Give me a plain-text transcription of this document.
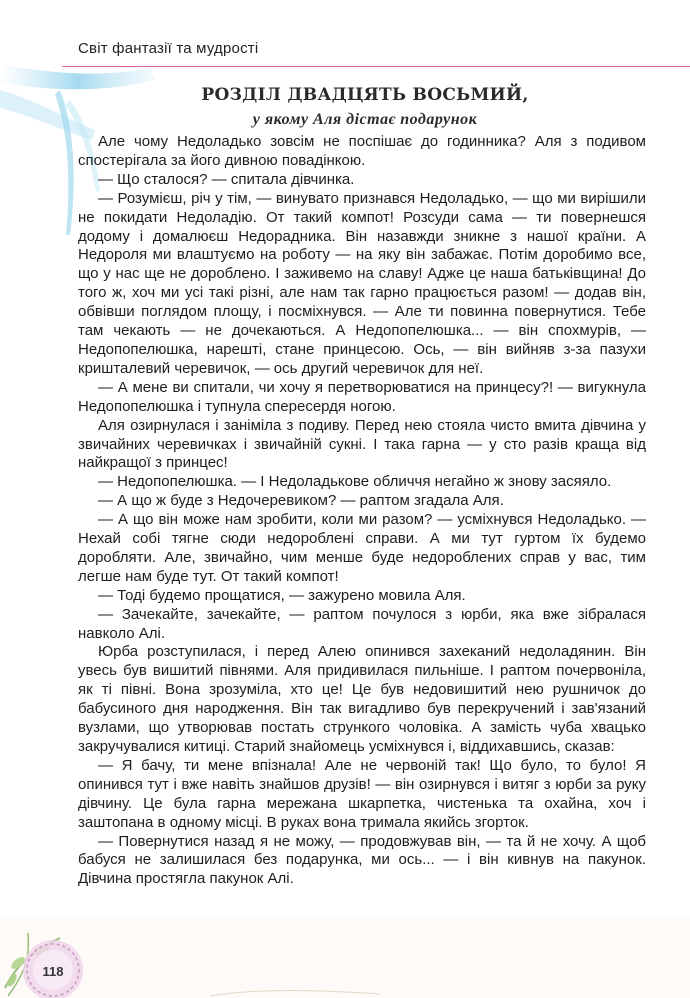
Світ фантазії та мудрості
РОЗДІЛ ДВАДЦЯТЬ ВОСЬМИЙ,
у якому Аля дістає подарунок

Але чому Недоладько зовсім не поспішає до годинника? Аля з подивом спостерігала за його дивною повадінкою.

— Що сталося? — спитала дівчинка.

— Розумієш, річ у тім, — винувато признався Недоладько, — що ми вирішили не покидати Недоладію. От такий компот! Розсуди сама — ти повернешся додому і домалюєш Недорадника. Він назавжди зникне з нашої країни. А Недороля ми влаштуємо на роботу — на яку він забажає. Потім доробимо все, що у нас ще не доробленo. І заживемо на славу! Адже це наша батьківщина! До того ж, хоч ми усі такі різні, але нам так гарно працюється разом! — додав він, обвівши поглядом площу, і посміхнувся. — Але ти повинна повернутися. Тебе там чекають — не дочекаються. А Недопопелюшка... — він спохмурів, — Недопопелюшка, нарешті, стане принцесою. Ось, — він вийняв з-за пазухи кришталевий черевичок, — ось другий черевичок для неї.

— А мене ви спитали, чи хочу я перетворюватися на принцесу?! — вигукнула Недопопелюшка і тупнула спересердя ногою.

Аля озирнулася і заніміла з подиву. Перед нею стояла чисто вмита дівчина у звичайних черевичках і звичайній сукні. І така гарна — у сто разів краща від найкращої з принцес!

— Недопопелюшка. — І Недоладькове обличчя негайно ж знову засяяло.

— А що ж буде з Недочеревиком? — раптом згадала Аля.

— А що він може нам зробити, коли ми разом? — усміхнувся Недоладько. — Нехай собі тягне сюди недороблені справи. А ми тут гуртом їх будемо доробляти. Але, звичайно, чим менше буде недороблених справ у вас, тим легше нам буде тут. От такий компот!

— Тоді будемо прощатися, — зажурено мовила Аля.

— Зачекайте, зачекайте, — раптом почулося з юрби, яка вже зібралася навколо Алі.

Юрба розступилася, і перед Алею опинився захеканий недоладянин. Він увесь був вишитий півнями. Аля придивилася пильніше. І раптом почервоніла, як ті півні. Вона зрозуміла, хто це! Це був недовишитий нею рушничок до бабусиного дня народження. Він так вигадливо був перекручений і зав'язаний вузлами, що утворював постать стрункого чоловіка. А замість чуба хвацько закручувалися китиці. Старий знайомець усміхнувся і, віддихавшись, сказав:

— Я бачу, ти мене впізнала! Але не червоній так! Що було, то було! Я опинився тут і вже навіть знайшов друзів! — він озирнувся і витяг з юрби за руку дівчину. Це була гарна мережана шкарпетка, чистенька та охайна, хоч і заштопана в одному місці. В руках вона тримала якийсь згорток.

— Повернутися назад я не можу, — продовжував він, — та й не хочу. А щоб бабуся не залишилася без подарунка, ми ось... — і він кивнув на пакунок. Дівчина простягла пакунок Алі.

118
